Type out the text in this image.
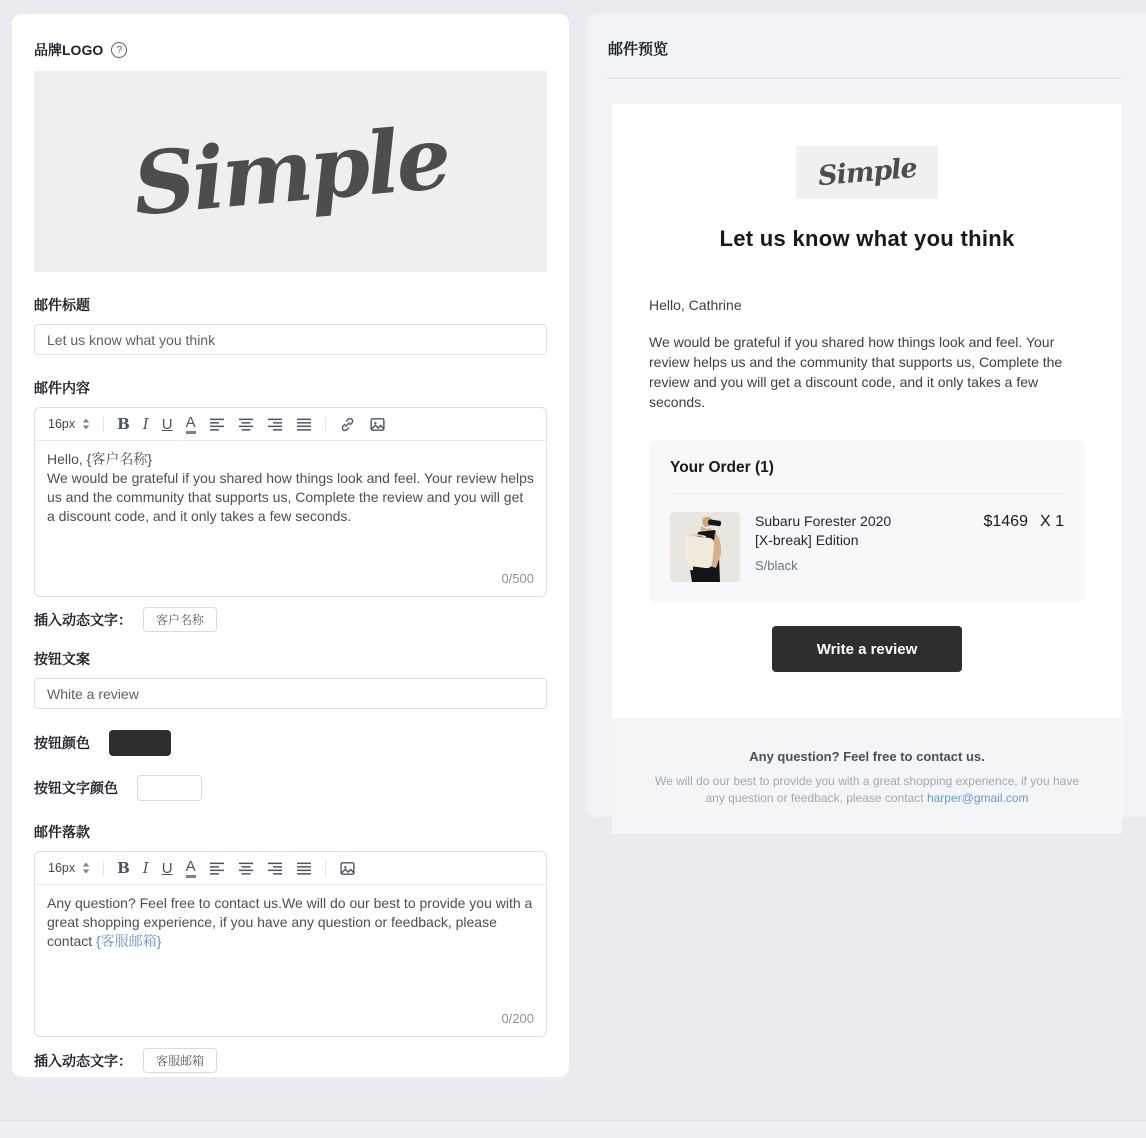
品牌LOGO	?
Simple
邮件标题
Let us know what you think
邮件内容
16px	B I U A
Hello, {客户名称}
We would be grateful if you shared how things look and feel. Your review helps us and the community that supports us, Complete the review and you will get a discount code, and it only takes a few seconds.
0/500
插入动态文字：	客户名称
按钮文案
White a review
按钮颜色
按钮文字颜色
邮件落款
16px	B I U A
Any question? Feel free to contact us.We will do our best to provide you with a great shopping experience, if you have any question or feedback, please contact {客服邮箱}
0/200
插入动态文字：	客服邮箱
邮件预览
Simple
Let us know what you think
Hello, Cathrine
We would be grateful if you shared how things look and feel. Your review helps us and the community that supports us, Complete the review and you will get a discount code, and it only takes a few seconds.
Your Order (1)
Subaru Forester 2020
[X-break] Edition
S/black
$1469 X 1
Write a review
Any question? Feel free to contact us.
We will do our best to provide you with a great shopping experience, if you have any question or feedback, please contact harper@gmail.com
